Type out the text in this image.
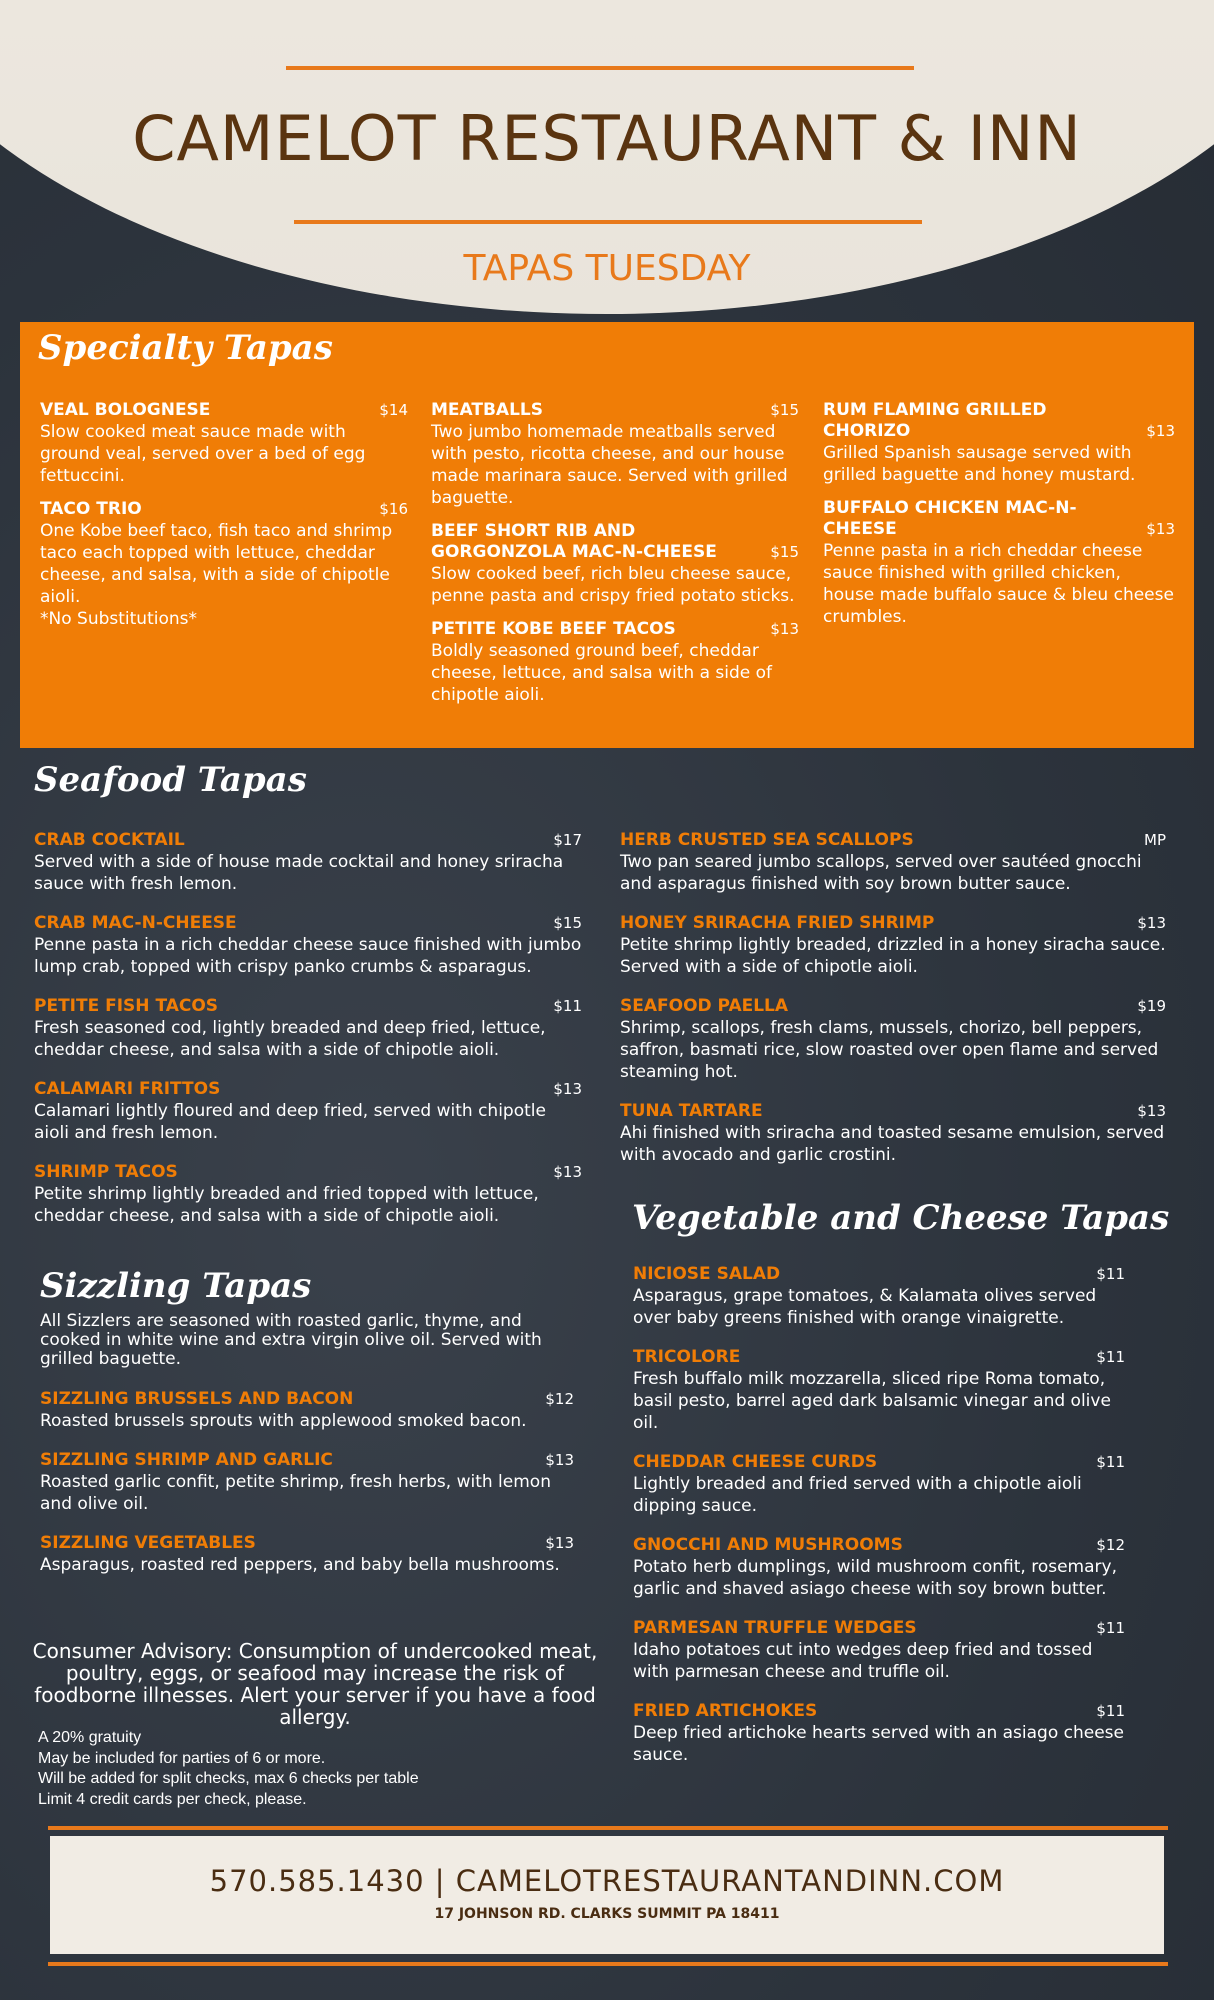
CAMELOT RESTAURANT & INN
TAPAS TUESDAY
Specialty Tapas
VEAL BOLOGNESE	$14
Slow cooked meat sauce made with ground veal, served over a bed of egg fettuccini.
TACO TRIO	$16
One Kobe beef taco, fish taco and shrimp taco each topped with lettuce, cheddar cheese, and salsa, with a side of chipotle aioli.
*No Substitutions*
MEATBALLS	$15
Two jumbo homemade meatballs served with pesto, ricotta cheese, and our house made marinara sauce. Served with grilled baguette.
BEEF SHORT RIB AND GORGONZOLA MAC-N-CHEESE	$15
Slow cooked beef, rich bleu cheese sauce, penne pasta and crispy fried potato sticks.
PETITE KOBE BEEF TACOS	$13
Boldly seasoned ground beef, cheddar cheese, lettuce, and salsa with a side of chipotle aioli.
RUM FLAMING GRILLED CHORIZO	$13
Grilled Spanish sausage served with grilled baguette and honey mustard.
BUFFALO CHICKEN MAC-N-CHEESE	$13
Penne pasta in a rich cheddar cheese sauce finished with grilled chicken, house made buffalo sauce & bleu cheese crumbles.
Seafood Tapas
CRAB COCKTAIL	$17
Served with a side of house made cocktail and honey sriracha sauce with fresh lemon.
CRAB MAC-N-CHEESE	$15
Penne pasta in a rich cheddar cheese sauce finished with jumbo lump crab, topped with crispy panko crumbs & asparagus.
PETITE FISH TACOS	$11
Fresh seasoned cod, lightly breaded and deep fried, lettuce, cheddar cheese, and salsa with a side of chipotle aioli.
CALAMARI FRITTOS	$13
Calamari lightly floured and deep fried, served with chipotle aioli and fresh lemon.
SHRIMP TACOS	$13
Petite shrimp lightly breaded and fried topped with lettuce, cheddar cheese, and salsa with a side of chipotle aioli.
HERB CRUSTED SEA SCALLOPS	MP
Two pan seared jumbo scallops, served over sautéed gnocchi and asparagus finished with soy brown butter sauce.
HONEY SRIRACHA FRIED SHRIMP	$13
Petite shrimp lightly breaded, drizzled in a honey siracha sauce. Served with a side of chipotle aioli.
SEAFOOD PAELLA	$19
Shrimp, scallops, fresh clams, mussels, chorizo, bell peppers, saffron, basmati rice, slow roasted over open flame and served steaming hot.
TUNA TARTARE	$13
Ahi finished with sriracha and toasted sesame emulsion, served with avocado and garlic crostini.
Sizzling Tapas
All Sizzlers are seasoned with roasted garlic, thyme, and cooked in white wine and extra virgin olive oil. Served with grilled baguette.
SIZZLING BRUSSELS AND BACON	$12
Roasted brussels sprouts with applewood smoked bacon.
SIZZLING SHRIMP AND GARLIC	$13
Roasted garlic confit, petite shrimp, fresh herbs, with lemon and olive oil.
SIZZLING VEGETABLES	$13
Asparagus, roasted red peppers, and baby bella mushrooms.
Vegetable and Cheese Tapas
NICIOSE SALAD	$11
Asparagus, grape tomatoes, & Kalamata olives served over baby greens finished with orange vinaigrette.
TRICOLORE	$11
Fresh buffalo milk mozzarella, sliced ripe Roma tomato, basil pesto, barrel aged dark balsamic vinegar and olive oil.
CHEDDAR CHEESE CURDS	$11
Lightly breaded and fried served with a chipotle aioli dipping sauce.
GNOCCHI AND MUSHROOMS	$12
Potato herb dumplings, wild mushroom confit, rosemary, garlic and shaved asiago cheese with soy brown butter.
PARMESAN TRUFFLE WEDGES	$11
Idaho potatoes cut into wedges deep fried and tossed with parmesan cheese and truffle oil.
FRIED ARTICHOKES	$11
Deep fried artichoke hearts served with an asiago cheese sauce.
Consumer Advisory: Consumption of undercooked meat, poultry, eggs, or seafood may increase the risk of foodborne illnesses. Alert your server if you have a food allergy.
A 20% gratuity
May be included for parties of 6 or more.
Will be added for split checks, max 6 checks per table
Limit 4 credit cards per check, please.
570.585.1430 | CAMELOTRESTAURANTANDINN.COM
17 JOHNSON RD. CLARKS SUMMIT PA 18411
